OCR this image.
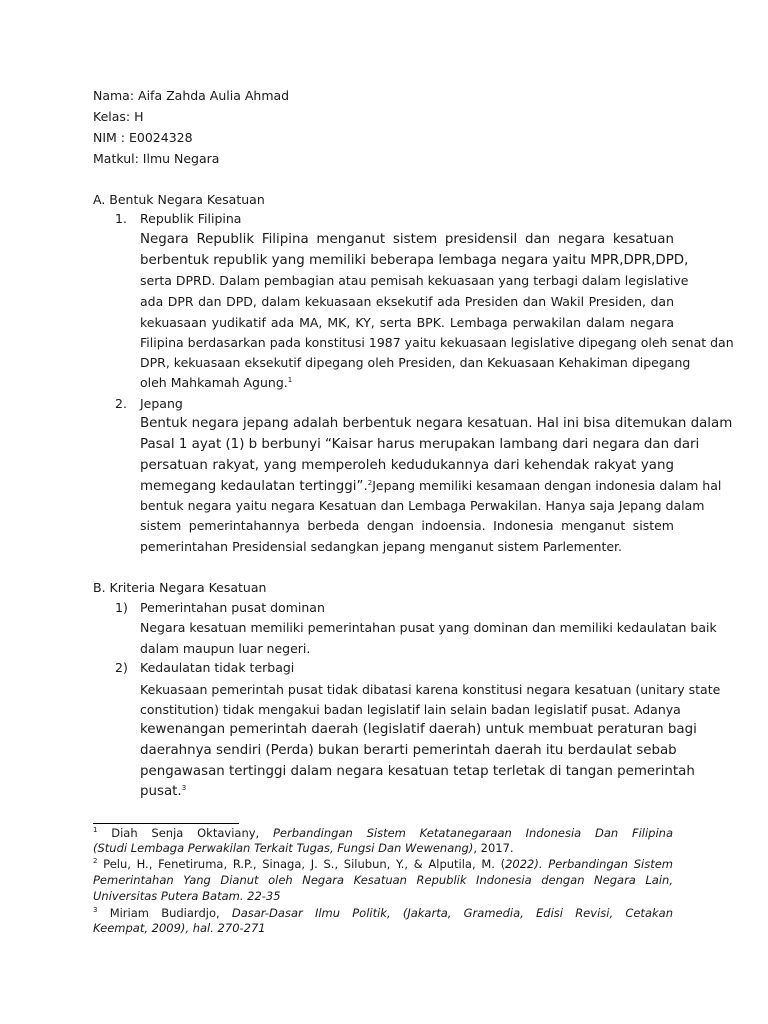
Nama: Aifa Zahda Aulia Ahmad

Kelas: H

NIM : E0024328

Matkul: Ilmu Negara

A. Bentuk Negara Kesatuan

1. Republik Filipina

Negara Republik Filipina menganut sistem presidensil dan negara kesatuan

berbentuk republik yang memiliki beberapa lembaga negara yaitu MPR,DPR,DPD,

serta DPRD. Dalam pembagian atau pemisah kekuasaan yang terbagi dalam legislative

ada DPR dan DPD, dalam kekuasaan eksekutif ada Presiden dan Wakil Presiden, dan

kekuasaan yudikatif ada MA, MK, KY, serta BPK. Lembaga perwakilan dalam negara

Filipina berdasarkan pada konstitusi 1987 yaitu kekuasaan legislative dipegang oleh senat dan

DPR, kekuasaan eksekutif dipegang oleh Presiden, dan Kekuasaan Kehakiman dipegang

oleh Mahkamah Agung.$^1$

2. Jepang

Bentuk negara jepang adalah berbentuk negara kesatuan. Hal ini bisa ditemukan dalam

Pasal 1 ayat (1) b berbunyi “Kaisar harus merupakan lambang dari negara dan dari

persatuan rakyat, yang memperoleh kedudukannya dari kehendak rakyat yang

memegang kedaulatan tertinggi”.$^2$Jepang memiliki kesamaan dengan indonesia dalam hal

bentuk negara yaitu negara Kesatuan dan Lembaga Perwakilan. Hanya saja Jepang dalam

sistem pemerintahannya berbeda dengan indoensia. Indonesia menganut sistem

pemerintahan Presidensial sedangkan jepang menganut sistem Parlementer.

B. Kriteria Negara Kesatuan

1) Pemerintahan pusat dominan

Negara kesatuan memiliki pemerintahan pusat yang dominan dan memiliki kedaulatan baik

dalam maupun luar negeri.

2) Kedaulatan tidak terbagi

Kekuasaan pemerintah pusat tidak dibatasi karena konstitusi negara kesatuan (unitary state

constitution) tidak mengakui badan legislatif lain selain badan legislatif pusat. Adanya

kewenangan pemerintah daerah (legislatif daerah) untuk membuat peraturan bagi

daerahnya sendiri (Perda) bukan berarti pemerintah daerah itu berdaulat sebab

pengawasan tertinggi dalam negara kesatuan tetap terletak di tangan pemerintah

pusat.$^3$

$^1$ Diah Senja Oktaviany, Perbandingan Sistem Ketatanegaraan Indonesia Dan Filipina

(Studi Lembaga Perwakilan Terkait Tugas, Fungsi Dan Wewenang), 2017.

$^2$ Pelu, H., Fenetiruma, R.P., Sinaga, J. S., Silubun, Y., & Alputila, M. (2022). Perbandingan Sistem

Pemerintahan Yang Dianut oleh Negara Kesatuan Republik Indonesia dengan Negara Lain,

Universitas Putera Batam. 22-35

$^3$ Miriam Budiardjo, Dasar-Dasar Ilmu Politik, (Jakarta, Gramedia, Edisi Revisi, Cetakan

Keempat, 2009), hal. 270-271
